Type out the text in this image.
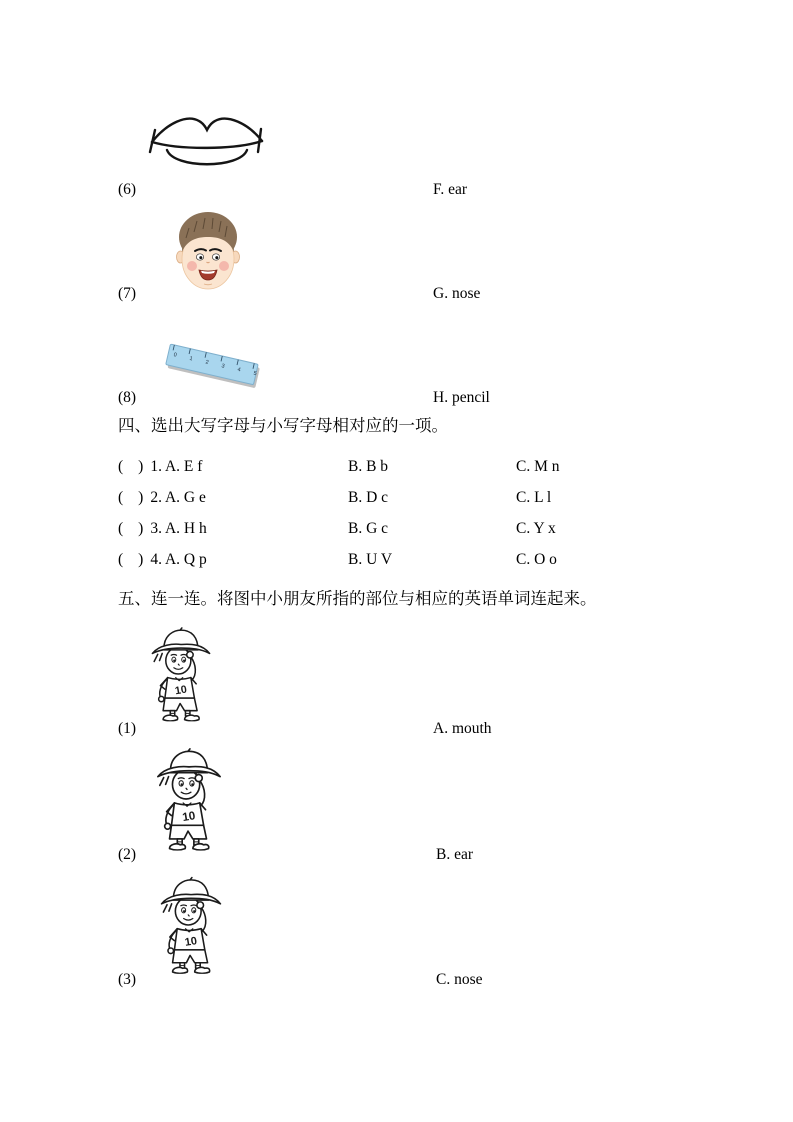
(6)	F. ear
(7)	G. nose
0
1
2
3
4
5
(8)	H. pencil
四、选出大写字母与小写字母相对应的一项。
( ) 1. A. E f	B. B b	C. M n
( ) 2. A. G e	B. D c	C. L l
( ) 3. A. H h	B. G c	C. Y x
( ) 4. A. Q p	B. U V	C. O o
五、连一连。将图中小朋友所指的部位与相应的英语单词连起来。
(1)	A. mouth
(2)	B. ear
(3)	C. nose
